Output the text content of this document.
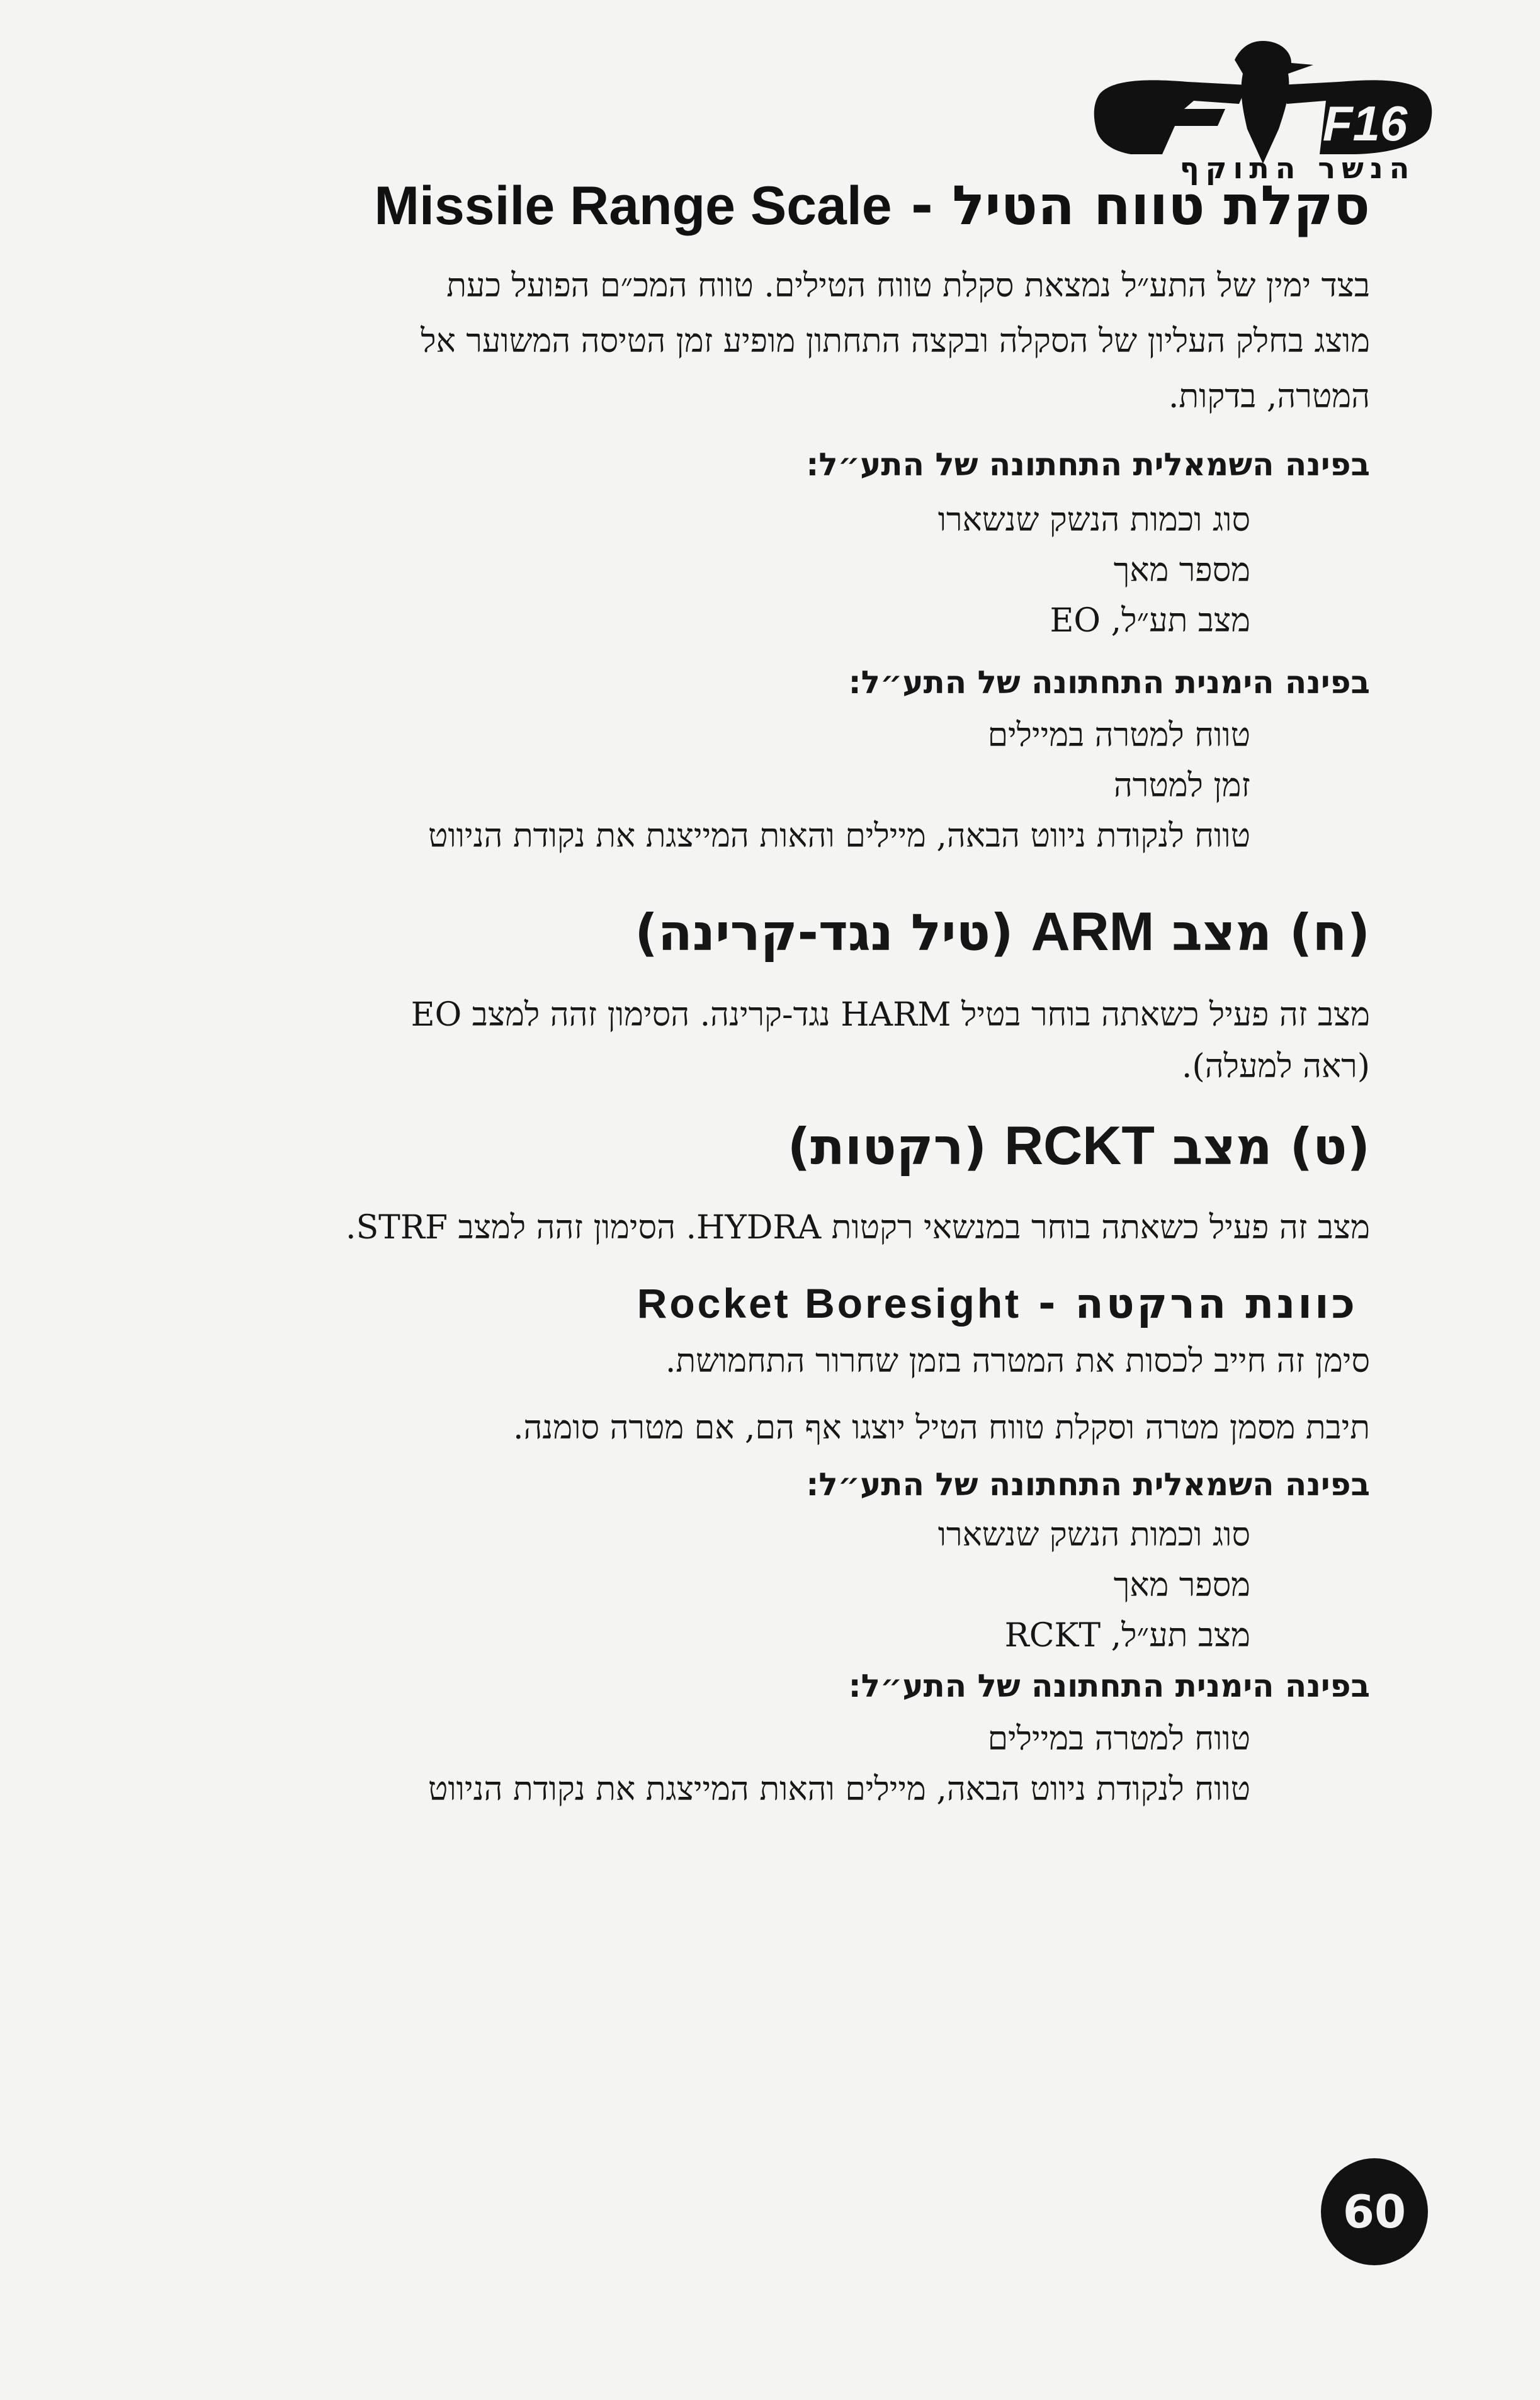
F16
הנשר התוקף
סקלת טווח הטיל - Missile Range Scale
בצד ימין של התע״ל נמצאת סקלת טווח הטילים. טווח המכ״ם הפועל כעת
מוצג בחלק העליון של הסקלה ובקצה התחתון מופיע זמן הטיסה המשוער אל
המטרה, בדקות.
בפינה השמאלית התחתונה של התע״ל:
סוג וכמות הנשק שנשארו
מספר מאך
מצב תע״ל, EO
בפינה הימנית התחתונה של התע״ל:
טווח למטרה במיילים
זמן למטרה
טווח לנקודת ניווט הבאה, מיילים והאות המייצגת את נקודת הניווט
(ח) מצב ARM (טיל נגד-קרינה)
מצב זה פעיל כשאתה בוחר בטיל HARM נגד-קרינה. הסימון זהה למצב EO
(ראה למעלה).
(ט) מצב RCKT (רקטות)
מצב זה פעיל כשאתה בוחר במנשאי רקטות HYDRA. הסימון זהה למצב STRF.
כוונת הרקטה - Rocket Boresight
סימן זה חייב לכסות את המטרה בזמן שחרור התחמושת.
תיבת מסמן מטרה וסקלת טווח הטיל יוצגו אף הם, אם מטרה סומנה.
בפינה השמאלית התחתונה של התע״ל:
סוג וכמות הנשק שנשארו
מספר מאך
מצב תע״ל, RCKT
בפינה הימנית התחתונה של התע״ל:
טווח למטרה במיילים
טווח לנקודת ניווט הבאה, מיילים והאות המייצגת את נקודת הניווט
60
